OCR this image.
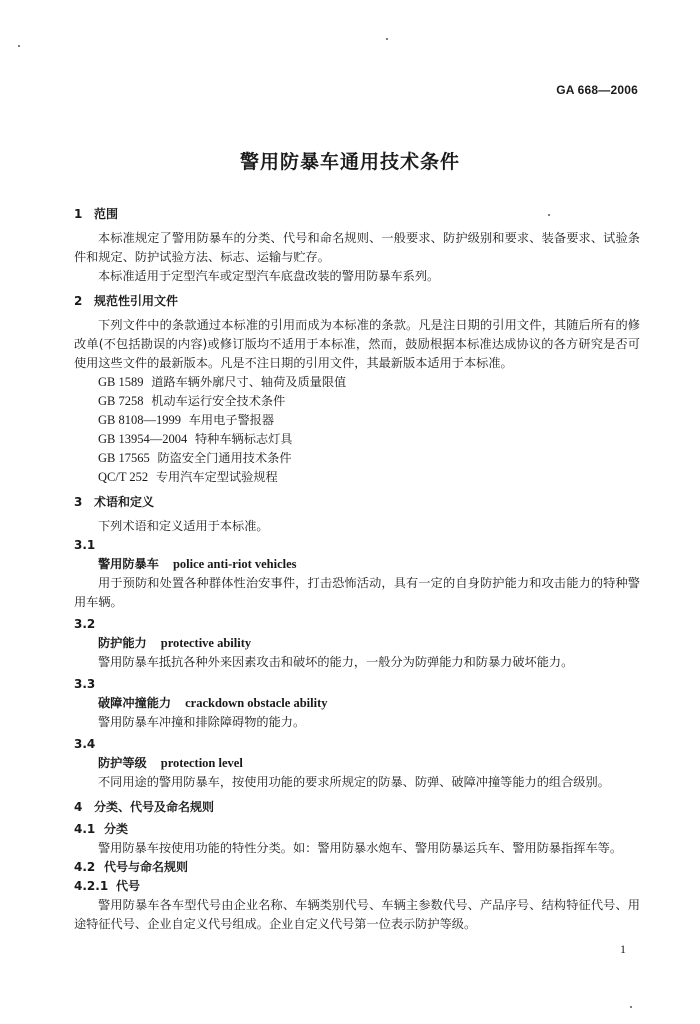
GA 668—2006
警用防暴车通用技术条件
1 范围

本标准规定了警用防暴车的分类、代号和命名规则、一般要求、防护级别和要求、装备要求、试验条件和规定、防护试验方法、标志、运输与贮存。

本标准适用于定型汽车或定型汽车底盘改装的警用防暴车系列。

2 规范性引用文件

下列文件中的条款通过本标准的引用而成为本标准的条款。凡是注日期的引用文件，其随后所有的修改单(不包括勘误的内容)或修订版均不适用于本标准，然而，鼓励根据本标准达成协议的各方研究是否可使用这些文件的最新版本。凡是不注日期的引用文件，其最新版本适用于本标准。

GB 1589 道路车辆外廓尺寸、轴荷及质量限值
GB 7258 机动车运行安全技术条件
GB 8108—1999 车用电子警报器
GB 13954—2004 特种车辆标志灯具
GB 17565 防盗安全门通用技术条件
QC/T 252 专用汽车定型试验规程
3 术语和定义

下列术语和定义适用于本标准。

3.1
警用防暴车 police anti-riot vehicles

用于预防和处置各种群体性治安事件，打击恐怖活动，具有一定的自身防护能力和攻击能力的特种警用车辆。

3.2
防护能力 protective ability

警用防暴车抵抗各种外来因素攻击和破坏的能力，一般分为防弹能力和防暴力破坏能力。

3.3
破障冲撞能力 crackdown obstacle ability

警用防暴车冲撞和排除障碍物的能力。

3.4
防护等级 protection level

不同用途的警用防暴车，按使用功能的要求所规定的防暴、防弹、破障冲撞等能力的组合级别。

4 分类、代号及命名规则
4.1 分类

警用防暴车按使用功能的特性分类。如：警用防暴水炮车、警用防暴运兵车、警用防暴指挥车等。

4.2 代号与命名规则
4.2.1 代号

警用防暴车各车型代号由企业名称、车辆类别代号、车辆主参数代号、产品序号、结构特征代号、用途特征代号、企业自定义代号组成。企业自定义代号第一位表示防护等级。

1
